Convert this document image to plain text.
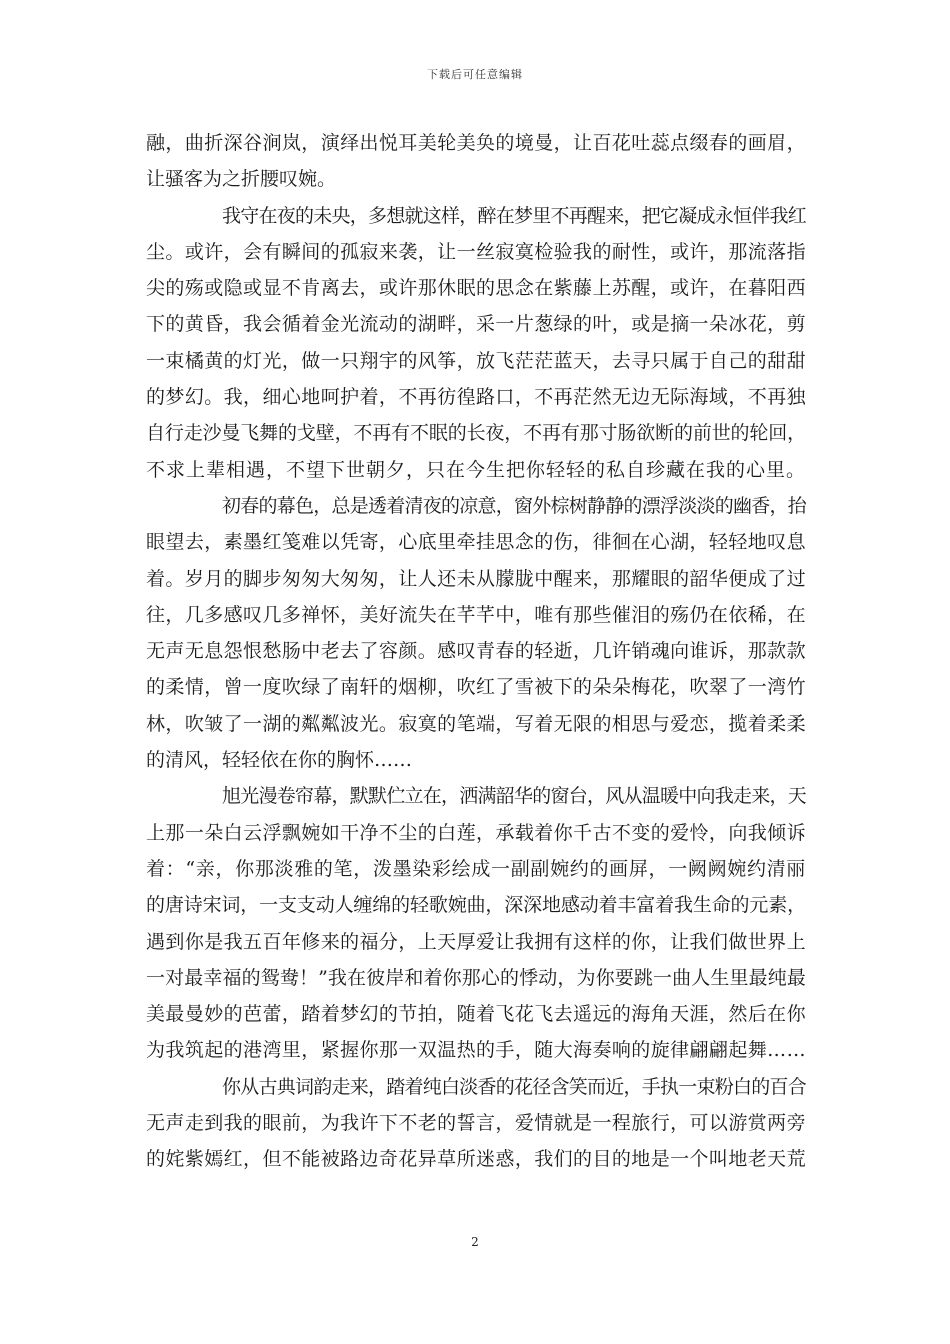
下载后可任意编辑

融，曲折深谷涧岚，演绎出悦耳美轮美奂的境曼，让百花吐蕊点缀春的画眉，
让骚客为之折腰叹婉。

我守在夜的未央，多想就这样，醉在梦里不再醒来，把它凝成永恒伴我红
尘。或许，会有瞬间的孤寂来袭，让一丝寂寞检验我的耐性，或许，那流落指
尖的殇或隐或显不肯离去，或许那休眠的思念在紫藤上苏醒，或许，在暮阳西
下的黄昏，我会循着金光流动的湖畔，采一片葱绿的叶，或是摘一朵冰花，剪
一束橘黄的灯光，做一只翔宇的风筝，放飞茫茫蓝天，去寻只属于自己的甜甜
的梦幻。我，细心地呵护着，不再彷徨路口，不再茫然无边无际海域，不再独
自行走沙曼飞舞的戈壁，不再有不眠的长夜，不再有那寸肠欲断的前世的轮回，
不求上辈相遇，不望下世朝夕，只在今生把你轻轻的私自珍藏在我的心里。

初春的幕色，总是透着清夜的凉意，窗外棕树静静的漂浮淡淡的幽香，抬
眼望去，素墨红笺难以凭寄，心底里牵挂思念的伤，徘徊在心湖，轻轻地叹息
着。岁月的脚步匆匆大匆匆，让人还未从朦胧中醒来，那耀眼的韶华便成了过
往，几多感叹几多禅怀，美好流失在芊芊中，唯有那些催泪的殇仍在依稀，在
无声无息怨恨愁肠中老去了容颜。感叹青春的轻逝，几许销魂向谁诉，那款款
的柔情，曾一度吹绿了南轩的烟柳，吹红了雪被下的朵朵梅花，吹翠了一湾竹
林，吹皱了一湖的粼粼波光。寂寞的笔端，写着无限的相思与爱恋，揽着柔柔
的清风，轻轻依在你的胸怀……

旭光漫卷帘幕，默默伫立在，洒满韶华的窗台，风从温暖中向我走来，天
上那一朵白云浮飘婉如干净不尘的白莲，承载着你千古不变的爱怜，向我倾诉
着：“亲，你那淡雅的笔，泼墨染彩绘成一副副婉约的画屏，一阙阙婉约清丽
的唐诗宋词，一支支动人缠绵的轻歌婉曲，深深地感动着丰富着我生命的元素，
遇到你是我五百年修来的福分，上天厚爱让我拥有这样的你，让我们做世界上
一对最幸福的鸳鸯！”我在彼岸和着你那心的悸动，为你要跳一曲人生里最纯最
美最曼妙的芭蕾，踏着梦幻的节拍，随着飞花飞去遥远的海角天涯，然后在你
为我筑起的港湾里，紧握你那一双温热的手，随大海奏响的旋律翩翩起舞……

你从古典词韵走来，踏着纯白淡香的花径含笑而近，手执一束粉白的百合
无声走到我的眼前，为我许下不老的誓言，爱情就是一程旅行，可以游赏两旁
的姹紫嫣红，但不能被路边奇花异草所迷惑，我们的目的地是一个叫地老天荒

2
